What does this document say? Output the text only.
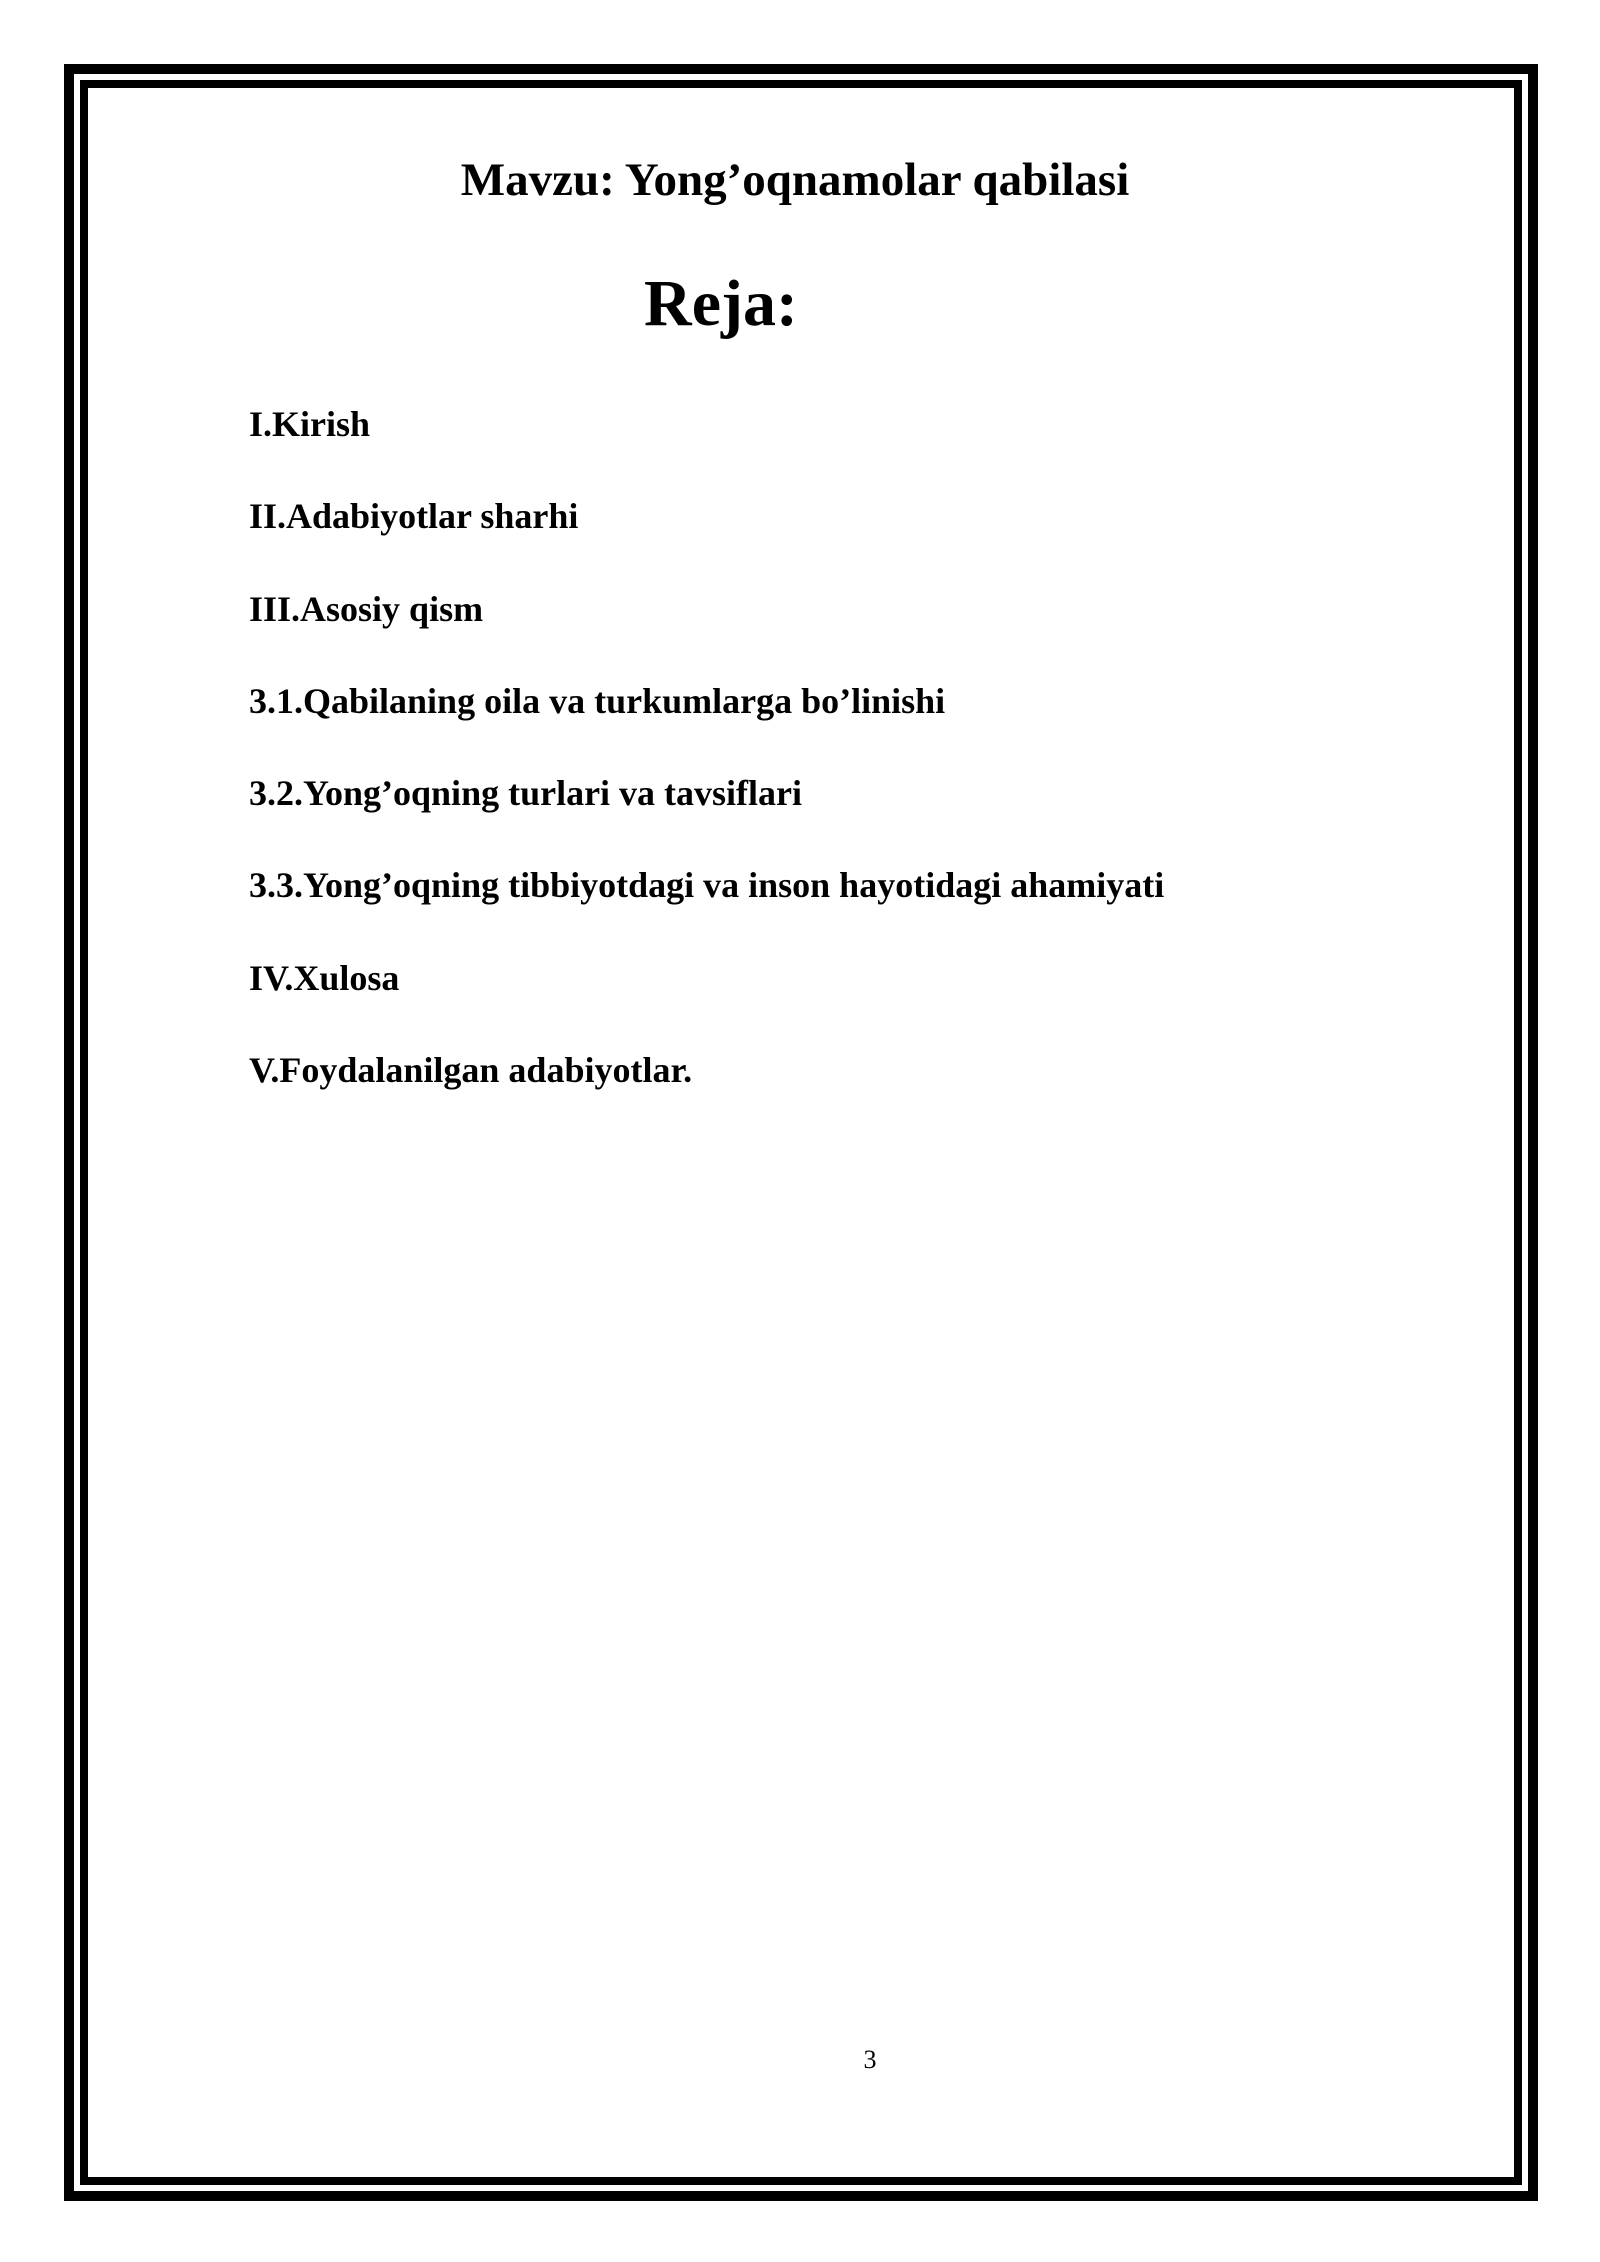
Mavzu: Yong’oqnamolar qabilasi
Reja:
I.Kirish
II.Adabiyotlar sharhi
III.Asosiy qism
3.1.Qabilaning oila va turkumlarga bo’linishi
3.2.Yong’oqning turlari va tavsiflari
3.3.Yong’oqning tibbiyotdagi va inson hayotidagi ahamiyati
IV.Xulosa
V.Foydalanilgan adabiyotlar.
3
